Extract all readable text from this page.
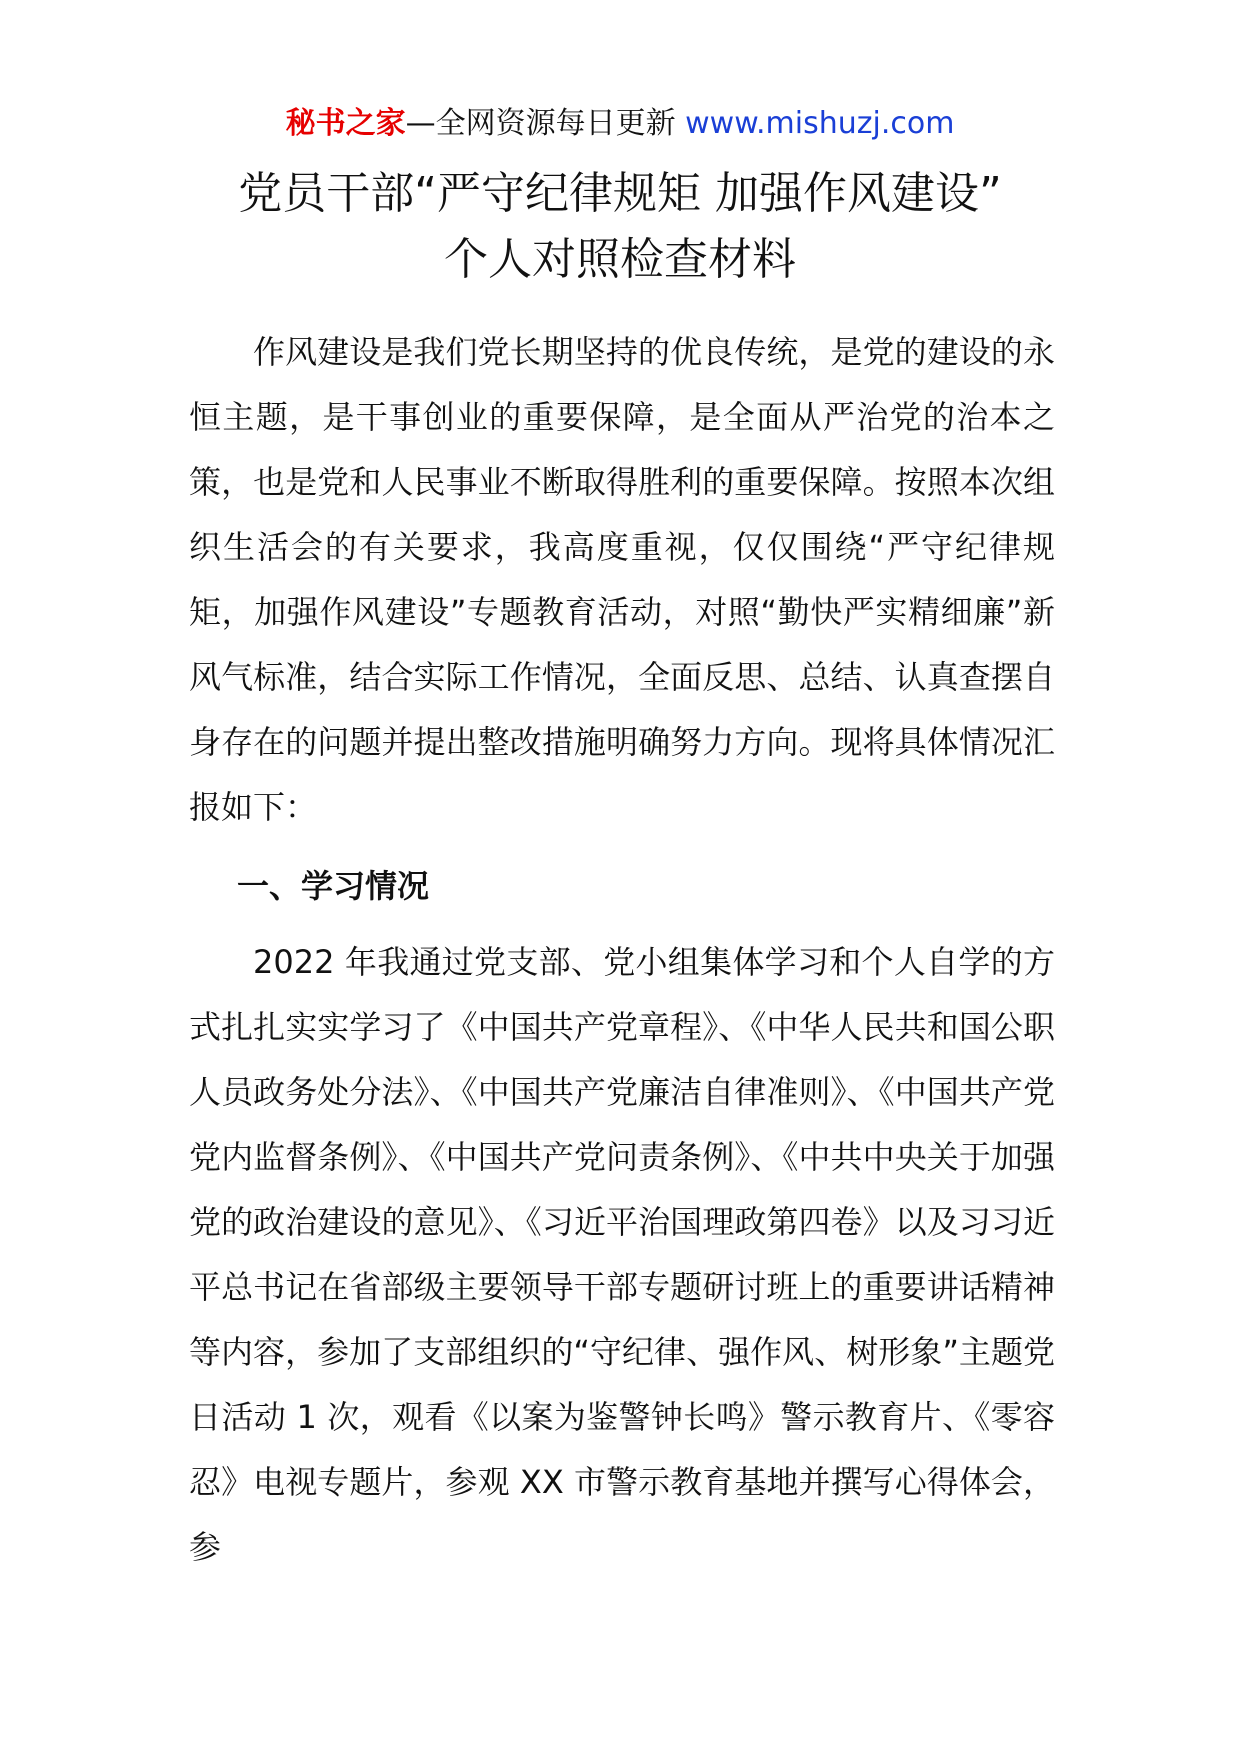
秘书之家—全网资源每日更新 www.mishuzj.com
党员干部“严守纪律规矩 加强作风建设”
个人对照检查材料

作风建设是我们党长期坚持的优良传统，是党的建设的永恒主题，是干事创业的重要保障，是全面从严治党的治本之策，也是党和人民事业不断取得胜利的重要保障。按照本次组织生活会的有关要求，我高度重视，仅仅围绕“严守纪律规矩，加强作风建设”专题教育活动，对照“勤快严实精细廉”新风气标准，结合实际工作情况，全面反思、总结、认真查摆自身存在的问题并提出整改措施明确努力方向。现将具体情况汇报如下：

一、学习情况

2022 年我通过党支部、党小组集体学习和个人自学的方式扎扎实实学习了《中国共产党章程》、《中华人民共和国公职人员政务处分法》、《中国共产党廉洁自律准则》、《中国共产党党内监督条例》、《中国共产党问责条例》、《中共中央关于加强党的政治建设的意见》、《习近平治国理政第四卷》以及习习近平总书记在省部级主要领导干部专题研讨班上的重要讲话精神等内容，参加了支部组织的“守纪律、强作风、树形象”主题党日活动 1 次，观看《以案为鉴警钟长鸣》警示教育片、《零容忍》电视专题片，参观 XX 市警示教育基地并撰写心得体会，参
